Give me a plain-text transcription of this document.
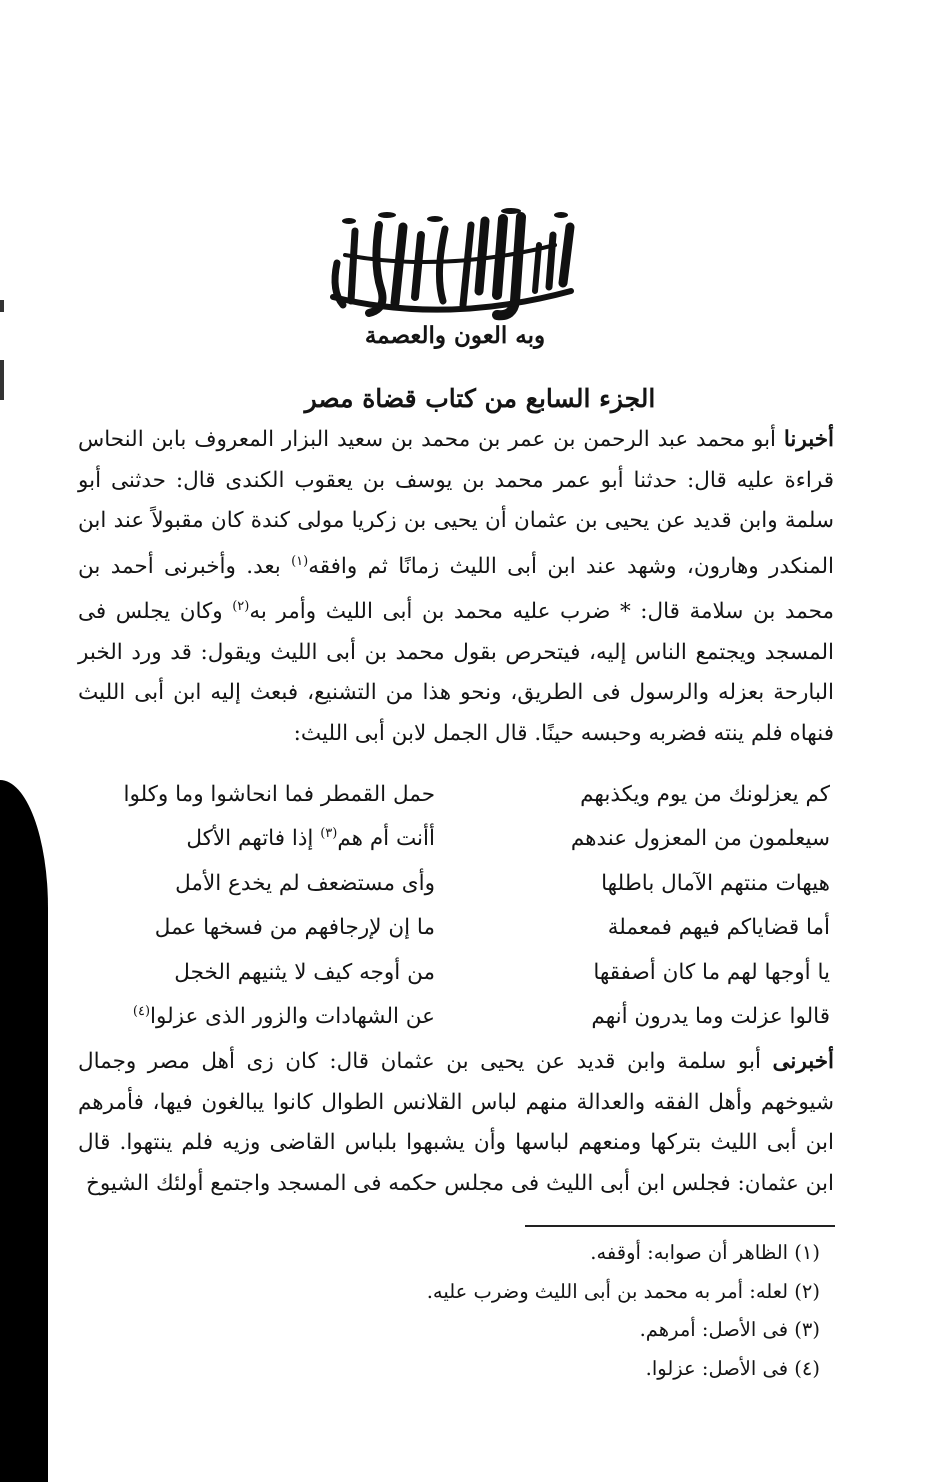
وبه العون والعصمة
الجزء السابع من كتاب قضاة مصر
أخبرنا أبو محمد عبد الرحمن بن عمر بن محمد بن سعيد البزار المعروف بابن النحاس قراءة عليه قال: حدثنا أبو عمر محمد بن يوسف بن يعقوب الكندى قال: حدثنى أبو سلمة وابن قديد عن يحيى بن عثمان أن يحيى بن زكريا مولى كندة كان مقبولاً عند ابن المنكدر وهارون، وشهد عند ابن أبى الليث زمانًا ثم وافقه$^{(١)}$ بعد. وأخبرنى أحمد بن محمد بن سلامة قال: * ضرب عليه محمد بن أبى الليث وأمر به$^{(٢)}$ وكان يجلس فى المسجد ويجتمع الناس إليه، فيتحرص بقول محمد بن أبى الليث ويقول: قد ورد الخبر البارحة بعزله والرسول فى الطريق، ونحو هذا من التشنيع، فبعث إليه ابن أبى الليث فنهاه فلم ينته فضربه وحبسه حينًا. قال الجمل لابن أبى الليث:
كم يعزلونك من يوم ويكذبهم
حمل القمطر فما انحاشوا وما وكلوا
سيعلمون من المعزول عندهم
أأنت أم هم$^{(٣)}$ إذا فاتهم الأكل
هيهات منتهم الآمال باطلها
وأى مستضعف لم يخدع الأمل
أما قضاياكم فيهم فمعملة
ما إن لإرجافهم من فسخها عمل
يا أوجها لهم ما كان أصفقها
من أوجه كيف لا يثنيهم الخجل
قالوا عزلت وما يدرون أنهم
عن الشهادات والزور الذى عزلوا$^{(٤)}$
أخبرنى أبو سلمة وابن قديد عن يحيى بن عثمان قال: كان زى أهل مصر وجمال شيوخهم وأهل الفقه والعدالة منهم لباس القلانس الطوال كانوا يبالغون فيها، فأمرهم ابن أبى الليث بتركها ومنعهم لباسها وأن يشبهوا بلباس القاضى وزيه فلم ينتهوا. قال ابن عثمان: فجلس ابن أبى الليث فى مجلس حكمه فى المسجد واجتمع أولئك الشيوخ
(١) الظاهر أن صوابه: أوقفه.
(٢) لعله: أمر به محمد بن أبى الليث وضرب عليه.
(٣) فى الأصل: أمرهم.
(٤) فى الأصل: عزلوا.
